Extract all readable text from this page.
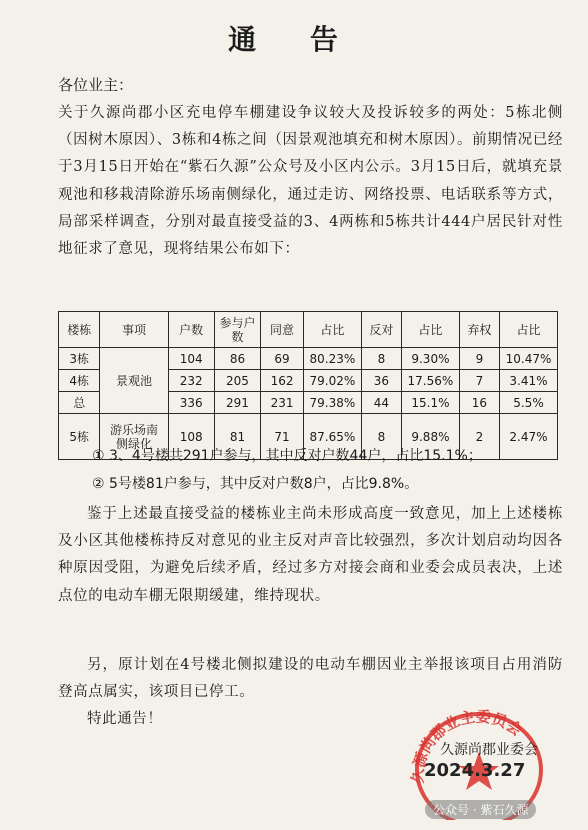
通 告
各位业主：
关于久源尚郡小区充电停车棚建设争议较大及投诉较多的两处：5栋北侧（因树木原因）、3栋和4栋之间（因景观池填充和树木原因）。前期情况已经于3月15日开始在“紫石久源”公众号及小区内公示。3月15日后，就填充景观池和移栽清除游乐场南侧绿化，通过走访、网络投票、电话联系等方式，局部采样调查，分别对最直接受益的3、4两栋和5栋共计444户居民针对性地征求了意见，现将结果公布如下：
楼栋	事项	户数	参与户数	同意	占比	反对	占比	弃权	占比
3栋	景观池	104	86	69	80.23%	8	9.30%	9	10.47%
4栋		232	205	162	79.02%	36	17.56%	7	3.41%
总		336	291	231	79.38%	44	15.1%	16	5.5%
5栋	游乐场南侧绿化	108	81	71	87.65%	8	9.88%	2	2.47%
① 3、4号楼共291户参与，其中反对户数44户，占比15.1%；
② 5号楼81户参与，其中反对户数8户，占比9.8%。
鉴于上述最直接受益的楼栋业主尚未形成高度一致意见，加上上述楼栋及小区其他楼栋持反对意见的业主反对声音比较强烈，多次计划启动均因各种原因受阻，为避免后续矛盾，经过多方对接会商和业委会成员表决，上述点位的电动车棚无限期缓建，维持现状。
另，原计划在4号楼北侧拟建设的电动车棚因业主举报该项目占用消防登高点属实，该项目已停工。
特此通告！
久源尚郡业主委员会
久源尚郡业委会
2024.3.27
公众号 · 紫石久源
